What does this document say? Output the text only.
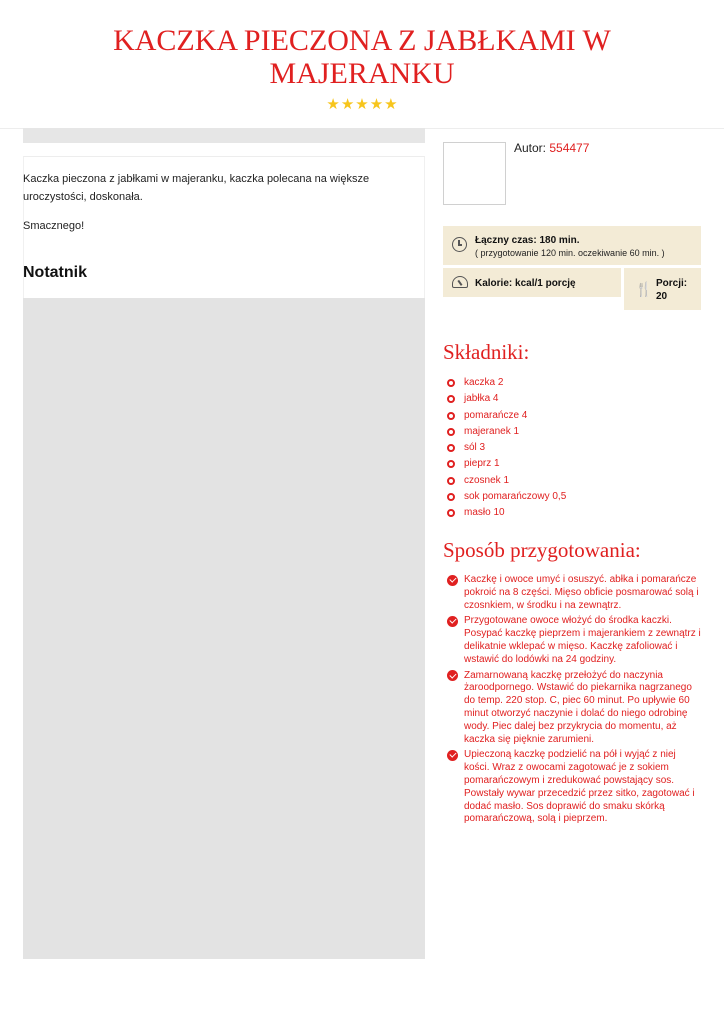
KACZKA PIECZONA Z JABŁKAMI W MAJERANKU
★★★★★

Kaczka pieczona z jabłkami w majeranku, kaczka polecana na większe uroczystości, doskonała.

Smacznego!

Notatnik
Autor: 554477
Łączny czas: 180 min.
( przygotowanie 120 min. oczekiwanie 60 min. )
Kalorie: kcal/1 porcję	🍴 Porcji:
20
Składniki:
kaczka 2
jabłka 4
pomarańcze 4
majeranek 1
sól 3
pieprz 1
czosnek 1
sok pomarańczowy 0,5
masło 10
Sposób przygotowania:
Kaczkę i owoce umyć i osuszyć. abłka i pomarańcze pokroić na 8 części. Mięso obficie posmarować solą i czosnkiem, w środku i na zewnątrz.
Przygotowane owoce włożyć do środka kaczki. Posypać kaczkę pieprzem i majerankiem z zewnątrz i delikatnie wklepać w mięso. Kaczkę zafoliować i wstawić do lodówki na 24 godziny.
Zamarnowaną kaczkę przełożyć do naczynia żaroodpornego. Wstawić do piekarnika nagrzanego do temp. 220 stop. C, piec 60 minut. Po upływie 60 minut otworzyć naczynie i dolać do niego odrobinę wody. Piec dalej bez przykrycia do momentu, aż kaczka się pięknie zarumieni.
Upieczoną kaczkę podzielić na pół i wyjąć z niej kości. Wraz z owocami zagotować je z sokiem pomarańczowym i zredukować powstający sos. Powstały wywar przecedzić przez sitko, zagotować i dodać masło. Sos doprawić do smaku skórką pomarańczową, solą i pieprzem.
